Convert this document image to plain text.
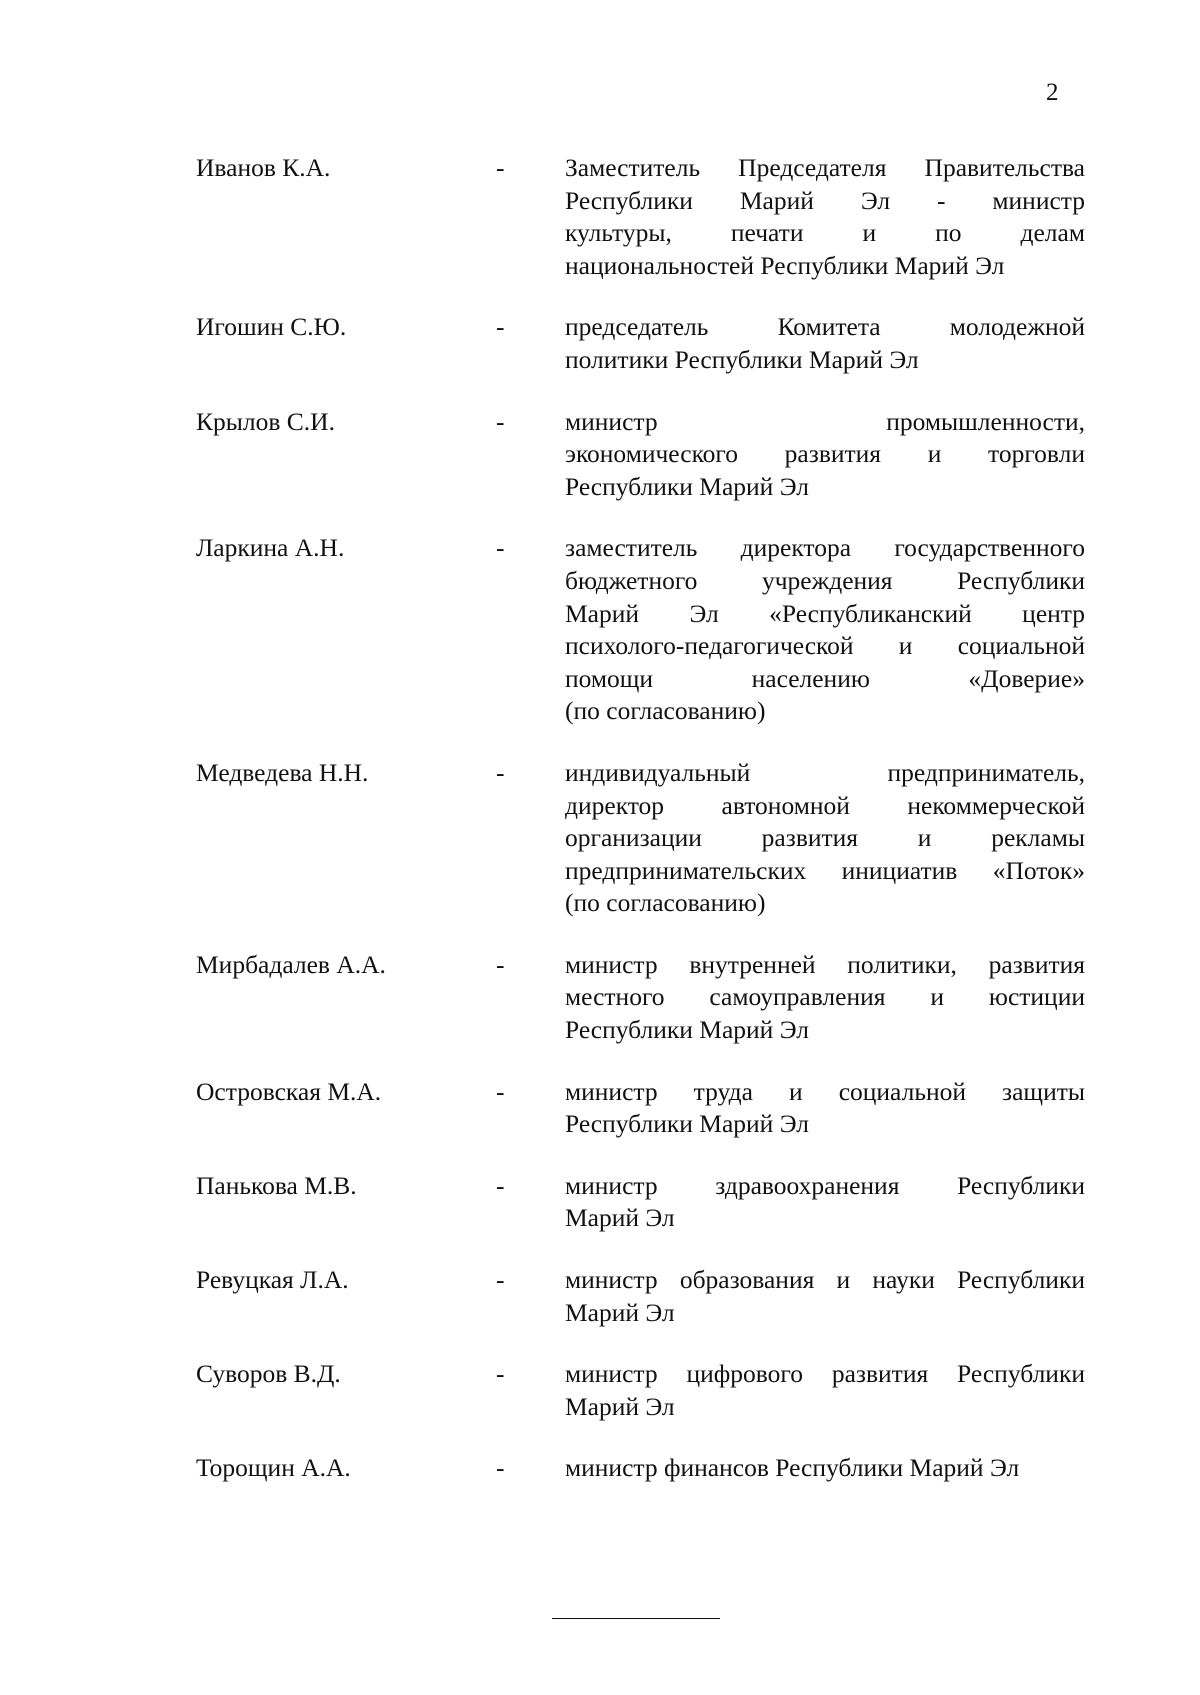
2
Иванов К.А.	-	Заместитель Председателя Правительства
Республики Марий Эл - министр
культуры, печати и по делам
национальностей Республики Марий Эл
Игошин С.Ю.	-	председатель Комитета молодежной
политики Республики Марий Эл
Крылов С.И.	-	министр промышленности,
экономического развития и торговли
Республики Марий Эл
Ларкина А.Н.	-	заместитель директора государственного
бюджетного учреждения Республики
Марий Эл «Республиканский центр
психолого-педагогической и социальной
помощи населению «Доверие»
(по согласованию)
Медведева Н.Н.	-	индивидуальный предприниматель,
директор автономной некоммерческой
организации развития и рекламы
предпринимательских инициатив «Поток»
(по согласованию)
Мирбадалев А.А.	-	министр внутренней политики, развития
местного самоуправления и юстиции
Республики Марий Эл
Островская М.А.	-	министр труда и социальной защиты
Республики Марий Эл
Панькова М.В.	-	министр здравоохранения Республики
Марий Эл
Ревуцкая Л.А.	-	министр образования и науки Республики
Марий Эл
Суворов В.Д.	-	министр цифрового развития Республики
Марий Эл
Торощин А.А.	-	министр финансов Республики Марий Эл
